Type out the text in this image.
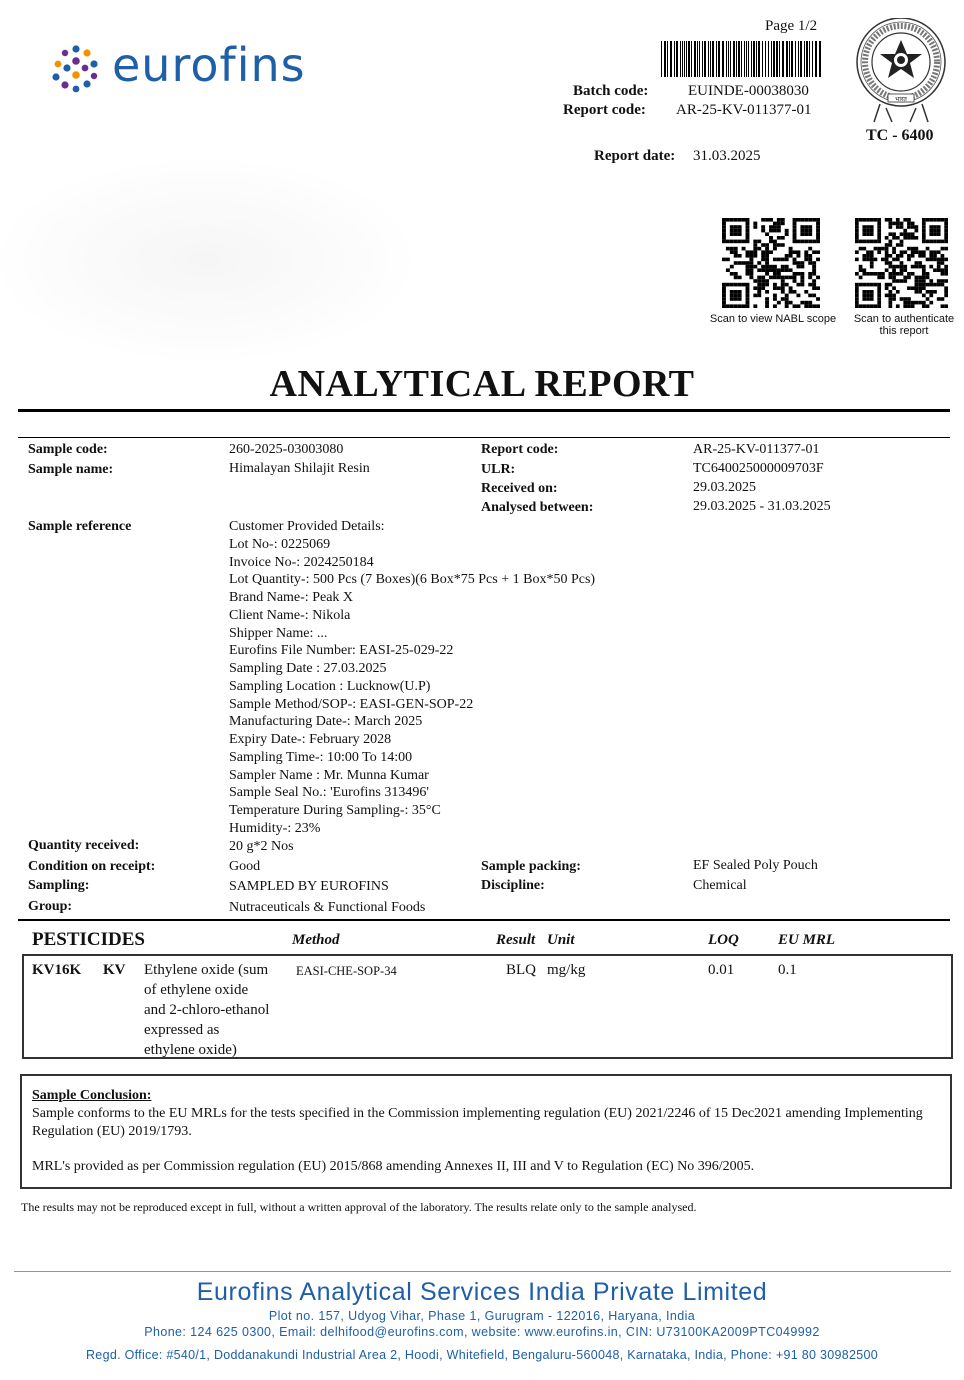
eurofins
Page 1/2
Batch code:	EUINDE-00038030
Report code: AR-25-KV-011377-01
Report date: 31.03.2025
भारत
TC - 6400
Scan to view NABL scope	Scan to authenticate
this report
ANALYTICAL REPORT
Sample code:	260-2025-03003080	Report code:	AR-25-KV-011377-01
Sample name:	Himalayan Shilajit Resin	ULR:	TC640025000009703F
Received on:	29.03.2025
Analysed between:	29.03.2025 - 31.03.2025
Sample reference	Customer Provided Details:
Lot No-: 0225069
Invoice No-: 2024250184
Lot Quantity-: 500 Pcs (7 Boxes)(6 Box*75 Pcs + 1 Box*50 Pcs)
Brand Name-: Peak X
Client Name-: Nikola
Shipper Name: ...
Eurofins File Number: EASI-25-029-22
Sampling Date : 27.03.2025
Sampling Location : Lucknow(U.P)
Sample Method/SOP-: EASI-GEN-SOP-22
Manufacturing Date-: March 2025
Expiry Date-: February 2028
Sampling Time-: 10:00 To 14:00
Sampler Name : Mr. Munna Kumar
Sample Seal No.: 'Eurofins 313496'
Temperature During Sampling-: 35°C
Humidity-: 23%
Quantity received:	20 g*2 Nos
Condition on receipt:	Good	Sample packing:	EF Sealed Poly Pouch
Sampling:	SAMPLED BY EUROFINS	Discipline:	Chemical
Group:	Nutraceuticals & Functional Foods
PESTICIDES	Method	Result Unit	LOQ	EU MRL
KV16K KV Ethylene oxide (sum
of ethylene oxide
and 2-chloro-ethanol
expressed as
ethylene oxide)
EASI-CHE-SOP-34	BLQ mg/kg	0.01	0.1
Sample Conclusion:
Sample conforms to the EU MRLs for the tests specified in the Commission implementing regulation (EU) 2021/2246 of 15 Dec2021 amending Implementing Regulation (EU) 2019/1793.
MRL's provided as per Commission regulation (EU) 2015/868 amending Annexes II, III and V to Regulation (EC) No 396/2005.
The results may not be reproduced except in full, without a written approval of the laboratory. The results relate only to the sample analysed.
Eurofins Analytical Services India Private Limited
Plot no. 157, Udyog Vihar, Phase 1, Gurugram - 122016, Haryana, India
Phone: 124 625 0300, Email: delhifood@eurofins.com, website: www.eurofins.in, CIN: U73100KA2009PTC049992
Regd. Office: #540/1, Doddanakundi Industrial Area 2, Hoodi, Whitefield, Bengaluru-560048, Karnataka, India, Phone: +91 80 30982500
